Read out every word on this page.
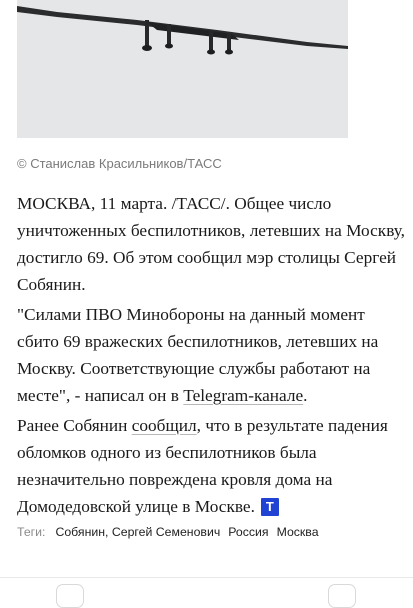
© Станислав Красильников/ТАСС

МОСКВА, 11 марта. /ТАСС/. Общее число уничтоженных беспилотников, летевших на Москву, достигло 69. Об этом сообщил мэр столицы Сергей Собянин.

"Силами ПВО Минобороны на данный момент сбито 69 вражеских беспилотников, летевших на Москву. Соответствующие службы работают на месте", - написал он в Telegram-канале.

Ранее Собянин сообщил, что в результате падения обломков одного из беспилотников была незначительно повреждена кровля дома на Домодедовской улице в Москве. Т

Теги: Собянин, Сергей Семенович Россия Москва
